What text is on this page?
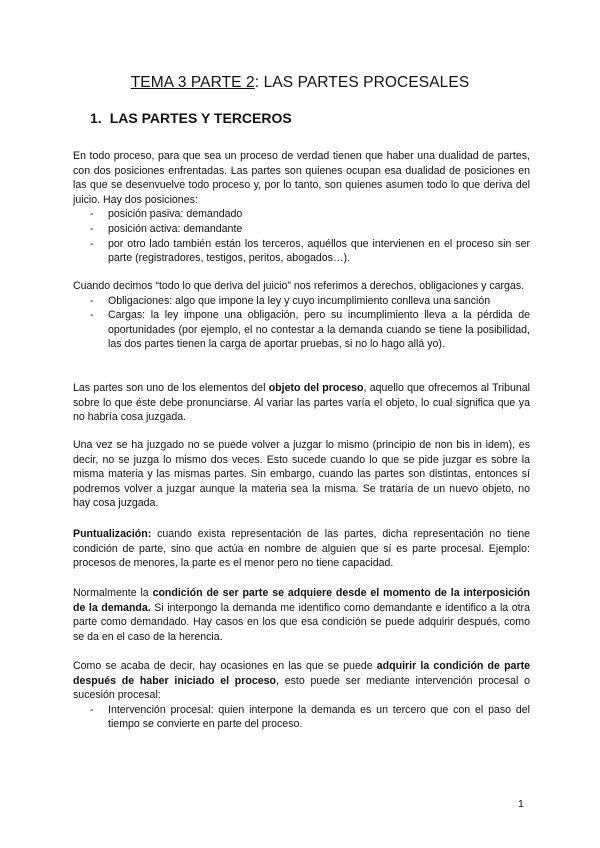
TEMA 3 PARTE 2: LAS PARTES PROCESALES
1. LAS PARTES Y TERCEROS

En todo proceso, para que sea un proceso de verdad tienen que haber una dualidad de partes, con dos posiciones enfrentadas. Las partes son quienes ocupan esa dualidad de posiciones en las que se desenvuelve todo proceso y, por lo tanto, son quienes asumen todo lo que deriva del juicio. Hay dos posiciones:

- posición pasiva: demandado
- posición activa: demandante
- por otro lado también están los terceros, aquéllos que intervienen en el proceso sin ser parte (registradores, testigos, peritos, abogados…).

Cuando decimos “todo lo que deriva del juicio” nos referimos a derechos, obligaciones y cargas.

- Obligaciones: algo que impone la ley y cuyo incumplimiento conlleva una sanción
- Cargas: la ley impone una obligación, pero su incumplimiento lleva a la pérdida de oportunidades (por ejemplo, el no contestar a la demanda cuando se tiene la posibilidad, las dos partes tienen la carga de aportar pruebas, si no lo hago allá yo).

Las partes son uno de los elementos del objeto del proceso, aquello que ofrecemos al Tribunal sobre lo que éste debe pronunciarse. Al variar las partes varía el objeto, lo cual significa que ya no habría cosa juzgada.

Una vez se ha juzgado no se puede volver a juzgar lo mismo (principio de non bis in idem), es decir, no se juzga lo mismo dos veces. Esto sucede cuando lo que se pide juzgar es sobre la misma materia y las mismas partes. Sin embargo, cuando las partes son distintas, entonces sí podremos volver a juzgar aunque la materia sea la misma. Se trataría de un nuevo objeto, no hay cosa juzgada.

Puntualización: cuando exista representación de las partes, dicha representación no tiene condición de parte, sino que actúa en nombre de alguien que sí es parte procesal. Ejemplo: procesos de menores, la parte es el menor pero no tiene capacidad.

Normalmente la condición de ser parte se adquiere desde el momento de la interposición de la demanda. Si interpongo la demanda me identifico como demandante e identifico a la otra parte como demandado. Hay casos en los que esa condición se puede adquirir después, como se da en el caso de la herencia.

Como se acaba de decir, hay ocasiones en las que se puede adquirir la condición de parte después de haber iniciado el proceso, esto puede ser mediante intervención procesal o sucesión procesal:

- Intervención procesal: quien interpone la demanda es un tercero que con el paso del tiempo se convierte en parte del proceso.
1
